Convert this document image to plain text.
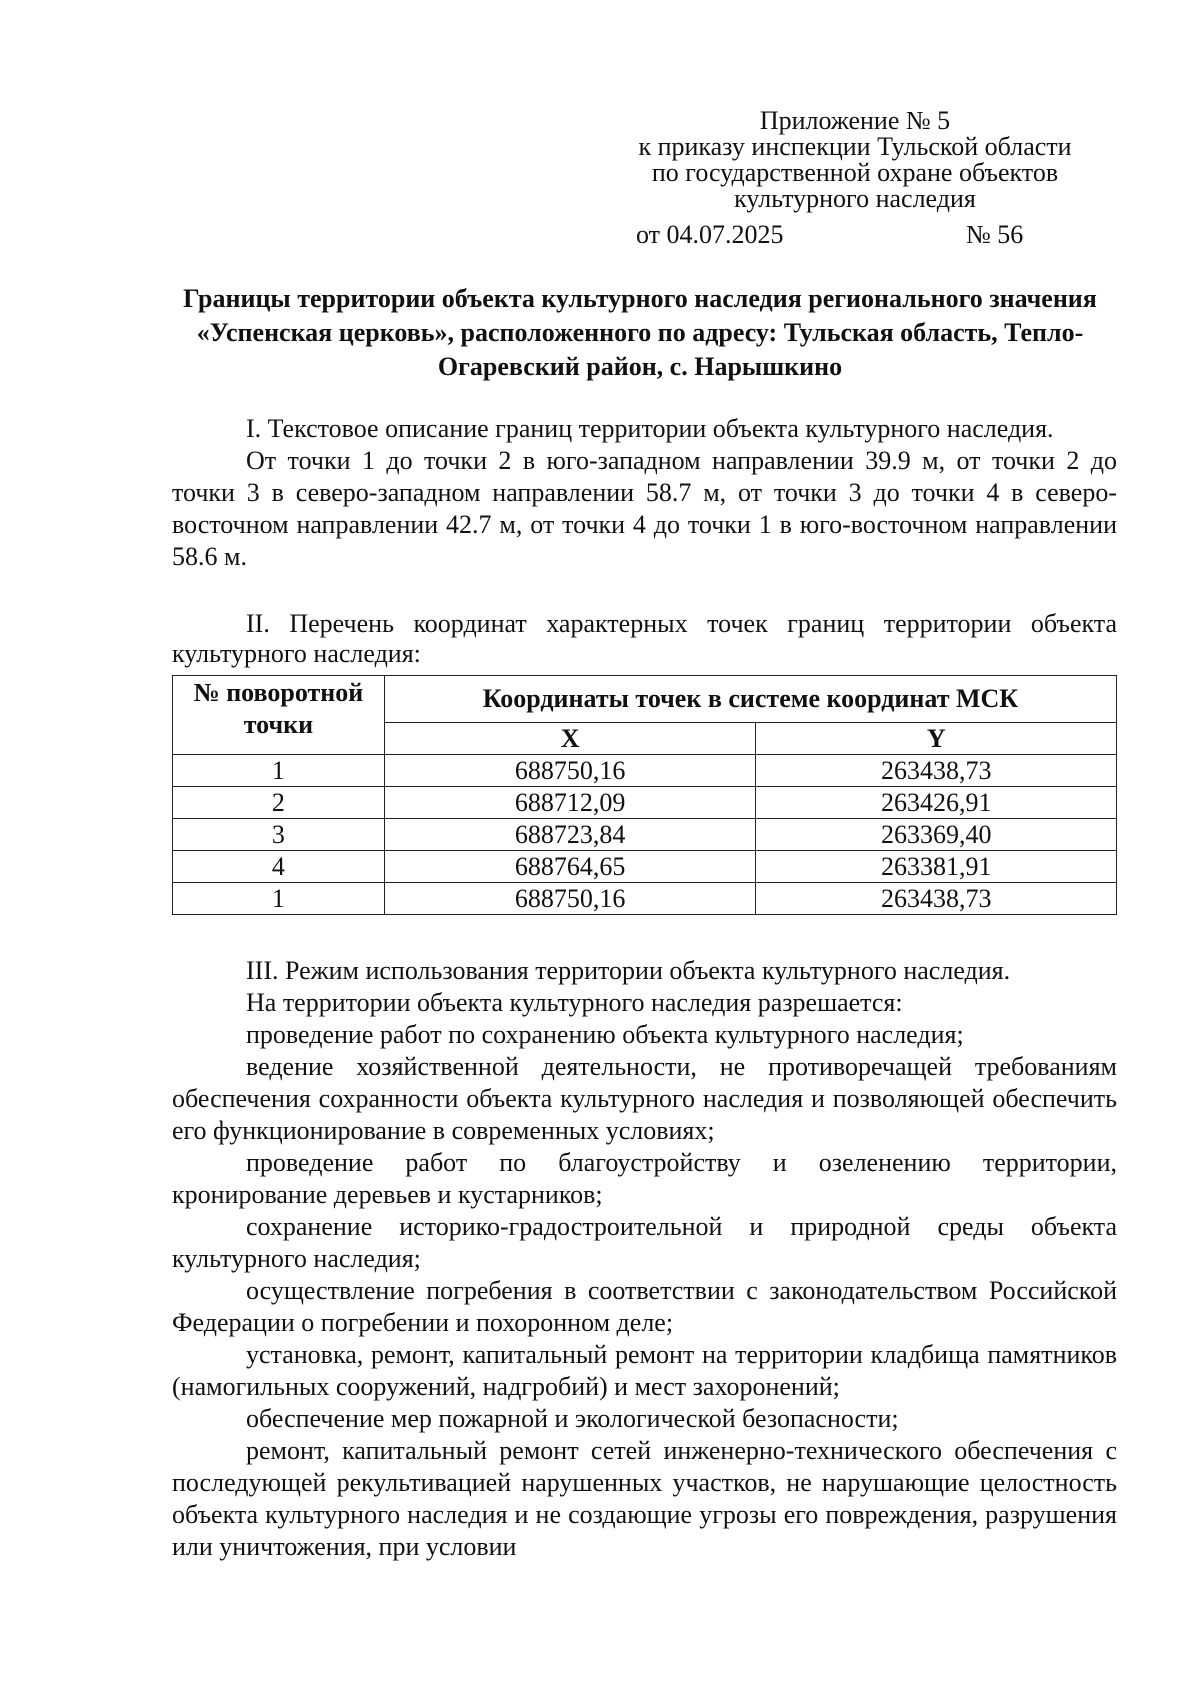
Приложение № 5
к приказу инспекции Тульской области
по государственной охране объектов
культурного наследия
от 04.07.2025	№ 56
Границы территории объекта культурного наследия регионального значения «Успенская церковь», расположенного по адресу: Тульская область, Тепло-Огаревский район, с. Нарышкино

I. Текстовое описание границ территории объекта культурного наследия.

От точки 1 до точки 2 в юго-западном направлении 39.9 м, от точки 2 до точки 3 в северо-западном направлении 58.7 м, от точки 3 до точки 4 в северо-восточном направлении 42.7 м, от точки 4 до точки 1 в юго-восточном направлении 58.6 м.

II. Перечень координат характерных точек границ территории объекта культурного наследия:

№ поворотной точки	Координаты точек в системе координат МСК	
	X	Y
1	688750,16	263438,73
2	688712,09	263426,91
3	688723,84	263369,40
4	688764,65	263381,91
1	688750,16	263438,73

III. Режим использования территории объекта культурного наследия.

На территории объекта культурного наследия разрешается:

проведение работ по сохранению объекта культурного наследия;

ведение хозяйственной деятельности, не противоречащей требованиям обеспечения сохранности объекта культурного наследия и позволяющей обеспечить его функционирование в современных условиях;

проведение работ по благоустройству и озеленению территории, кронирование деревьев и кустарников;

сохранение историко-градостроительной и природной среды объекта культурного наследия;

осуществление погребения в соответствии с законодательством Российской Федерации о погребении и похоронном деле;

установка, ремонт, капитальный ремонт на территории кладбища памятников (намогильных сооружений, надгробий) и мест захоронений;

обеспечение мер пожарной и экологической безопасности;

ремонт, капитальный ремонт сетей инженерно-технического обеспечения с последующей рекультивацией нарушенных участков, не нарушающие целостность объекта культурного наследия и не создающие угрозы его повреждения, разрушения или уничтожения, при условии
